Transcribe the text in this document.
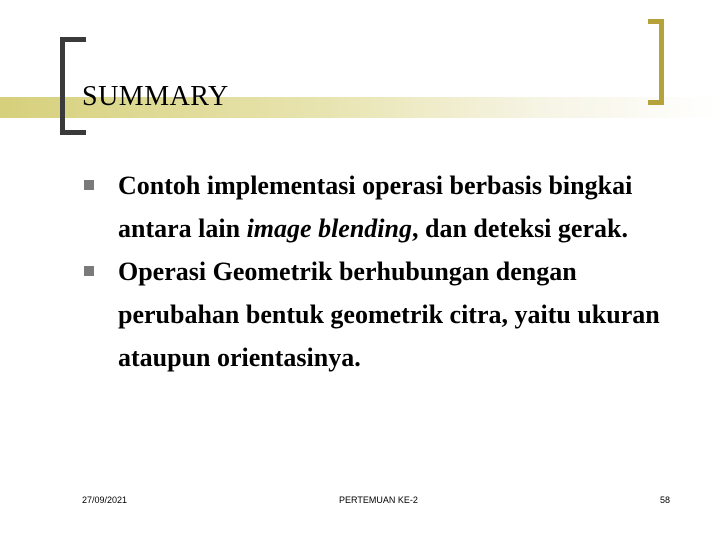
SUMMARY
Contoh implementasi operasi berbasis bingkai antara lain image blending, dan deteksi gerak.
Operasi Geometrik berhubungan dengan perubahan bentuk geometrik citra, yaitu ukuran ataupun orientasinya.
27/09/2021	PERTEMUAN KE-2	58
